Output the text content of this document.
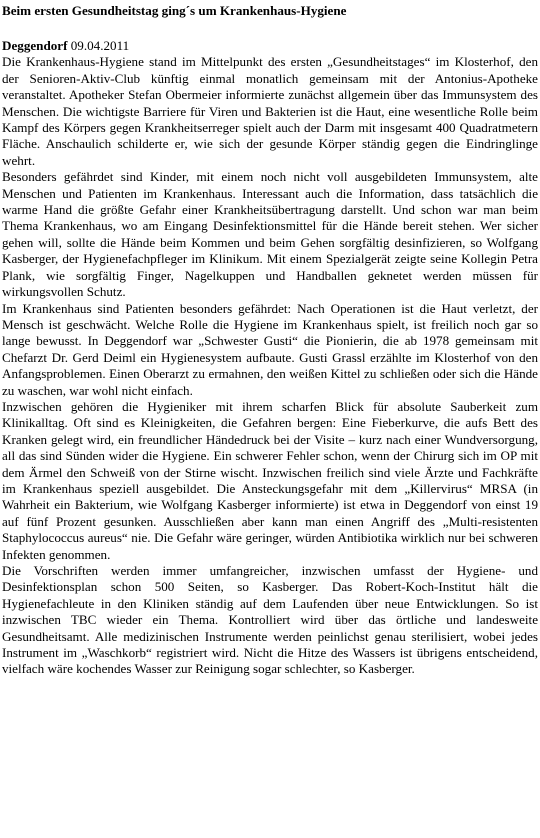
Beim ersten Gesundheitstag ging´s um Krankenhaus-Hygiene

Deggendorf 09.04.2011

Die Krankenhaus-Hygiene stand im Mittelpunkt des ersten „Gesundheitstages“ im Klosterhof, den der Senioren-Aktiv-Club künftig einmal monatlich gemeinsam mit der Antonius-Apotheke veranstaltet. Apotheker Stefan Obermeier informierte zunächst allgemein über das Immunsystem des Menschen. Die wichtigste Barriere für Viren und Bakterien ist die Haut, eine wesentliche Rolle beim Kampf des Körpers gegen Krankheitserreger spielt auch der Darm mit insgesamt 400 Quadratmetern Fläche. Anschaulich schilderte er, wie sich der gesunde Körper ständig gegen die Eindringlinge wehrt.

Besonders gefährdet sind Kinder, mit einem noch nicht voll ausgebildeten Immunsystem, alte Menschen und Patienten im Krankenhaus. Interessant auch die Information, dass tatsächlich die warme Hand die größte Gefahr einer Krankheitsübertragung darstellt. Und schon war man beim Thema Krankenhaus, wo am Eingang Desinfektionsmittel für die Hände bereit stehen. Wer sicher gehen will, sollte die Hände beim Kommen und beim Gehen sorgfältig desinfizieren, so Wolfgang Kasberger, der Hygienefachpfleger im Klinikum. Mit einem Spezialgerät zeigte seine Kollegin Petra Plank, wie sorgfältig Finger, Nagelkuppen und Handballen geknetet werden müssen für wirkungsvollen Schutz.

Im Krankenhaus sind Patienten besonders gefährdet: Nach Operationen ist die Haut verletzt, der Mensch ist geschwächt. Welche Rolle die Hygiene im Krankenhaus spielt, ist freilich noch gar so lange bewusst. In Deggendorf war „Schwester Gusti“ die Pionierin, die ab 1978 gemeinsam mit Chefarzt Dr. Gerd Deiml ein Hygienesystem aufbaute. Gusti Grassl erzählte im Klosterhof von den Anfangsproblemen. Einen Oberarzt zu ermahnen, den weißen Kittel zu schließen oder sich die Hände zu waschen, war wohl nicht einfach.

Inzwischen gehören die Hygieniker mit ihrem scharfen Blick für absolute Sauberkeit zum Klinikalltag. Oft sind es Kleinigkeiten, die Gefahren bergen: Eine Fieberkurve, die aufs Bett des Kranken gelegt wird, ein freundlicher Händedruck bei der Visite – kurz nach einer Wundversorgung, all das sind Sünden wider die Hygiene. Ein schwerer Fehler schon, wenn der Chirurg sich im OP mit dem Ärmel den Schweiß von der Stirne wischt. Inzwischen freilich sind viele Ärzte und Fachkräfte im Krankenhaus speziell ausgebildet. Die Ansteckungsgefahr mit dem „Killervirus“ MRSA (in Wahrheit ein Bakterium, wie Wolfgang Kasberger informierte) ist etwa in Deggendorf von einst 19 auf fünf Prozent gesunken. Ausschließen aber kann man einen Angriff des „Multi-resistenten Staphylococcus aureus“ nie. Die Gefahr wäre geringer, würden Antibiotika wirklich nur bei schweren Infekten genommen.

Die Vorschriften werden immer umfangreicher, inzwischen umfasst der Hygiene- und Desinfektionsplan schon 500 Seiten, so Kasberger. Das Robert-Koch-Institut hält die Hygienefachleute in den Kliniken ständig auf dem Laufenden über neue Entwicklungen. So ist inzwischen TBC wieder ein Thema. Kontrolliert wird über das örtliche und landesweite Gesundheitsamt. Alle medizinischen Instrumente werden peinlichst genau sterilisiert, wobei jedes Instrument im „Waschkorb“ registriert wird. Nicht die Hitze des Wassers ist übrigens entscheidend, vielfach wäre kochendes Wasser zur Reinigung sogar schlechter, so Kasberger.
